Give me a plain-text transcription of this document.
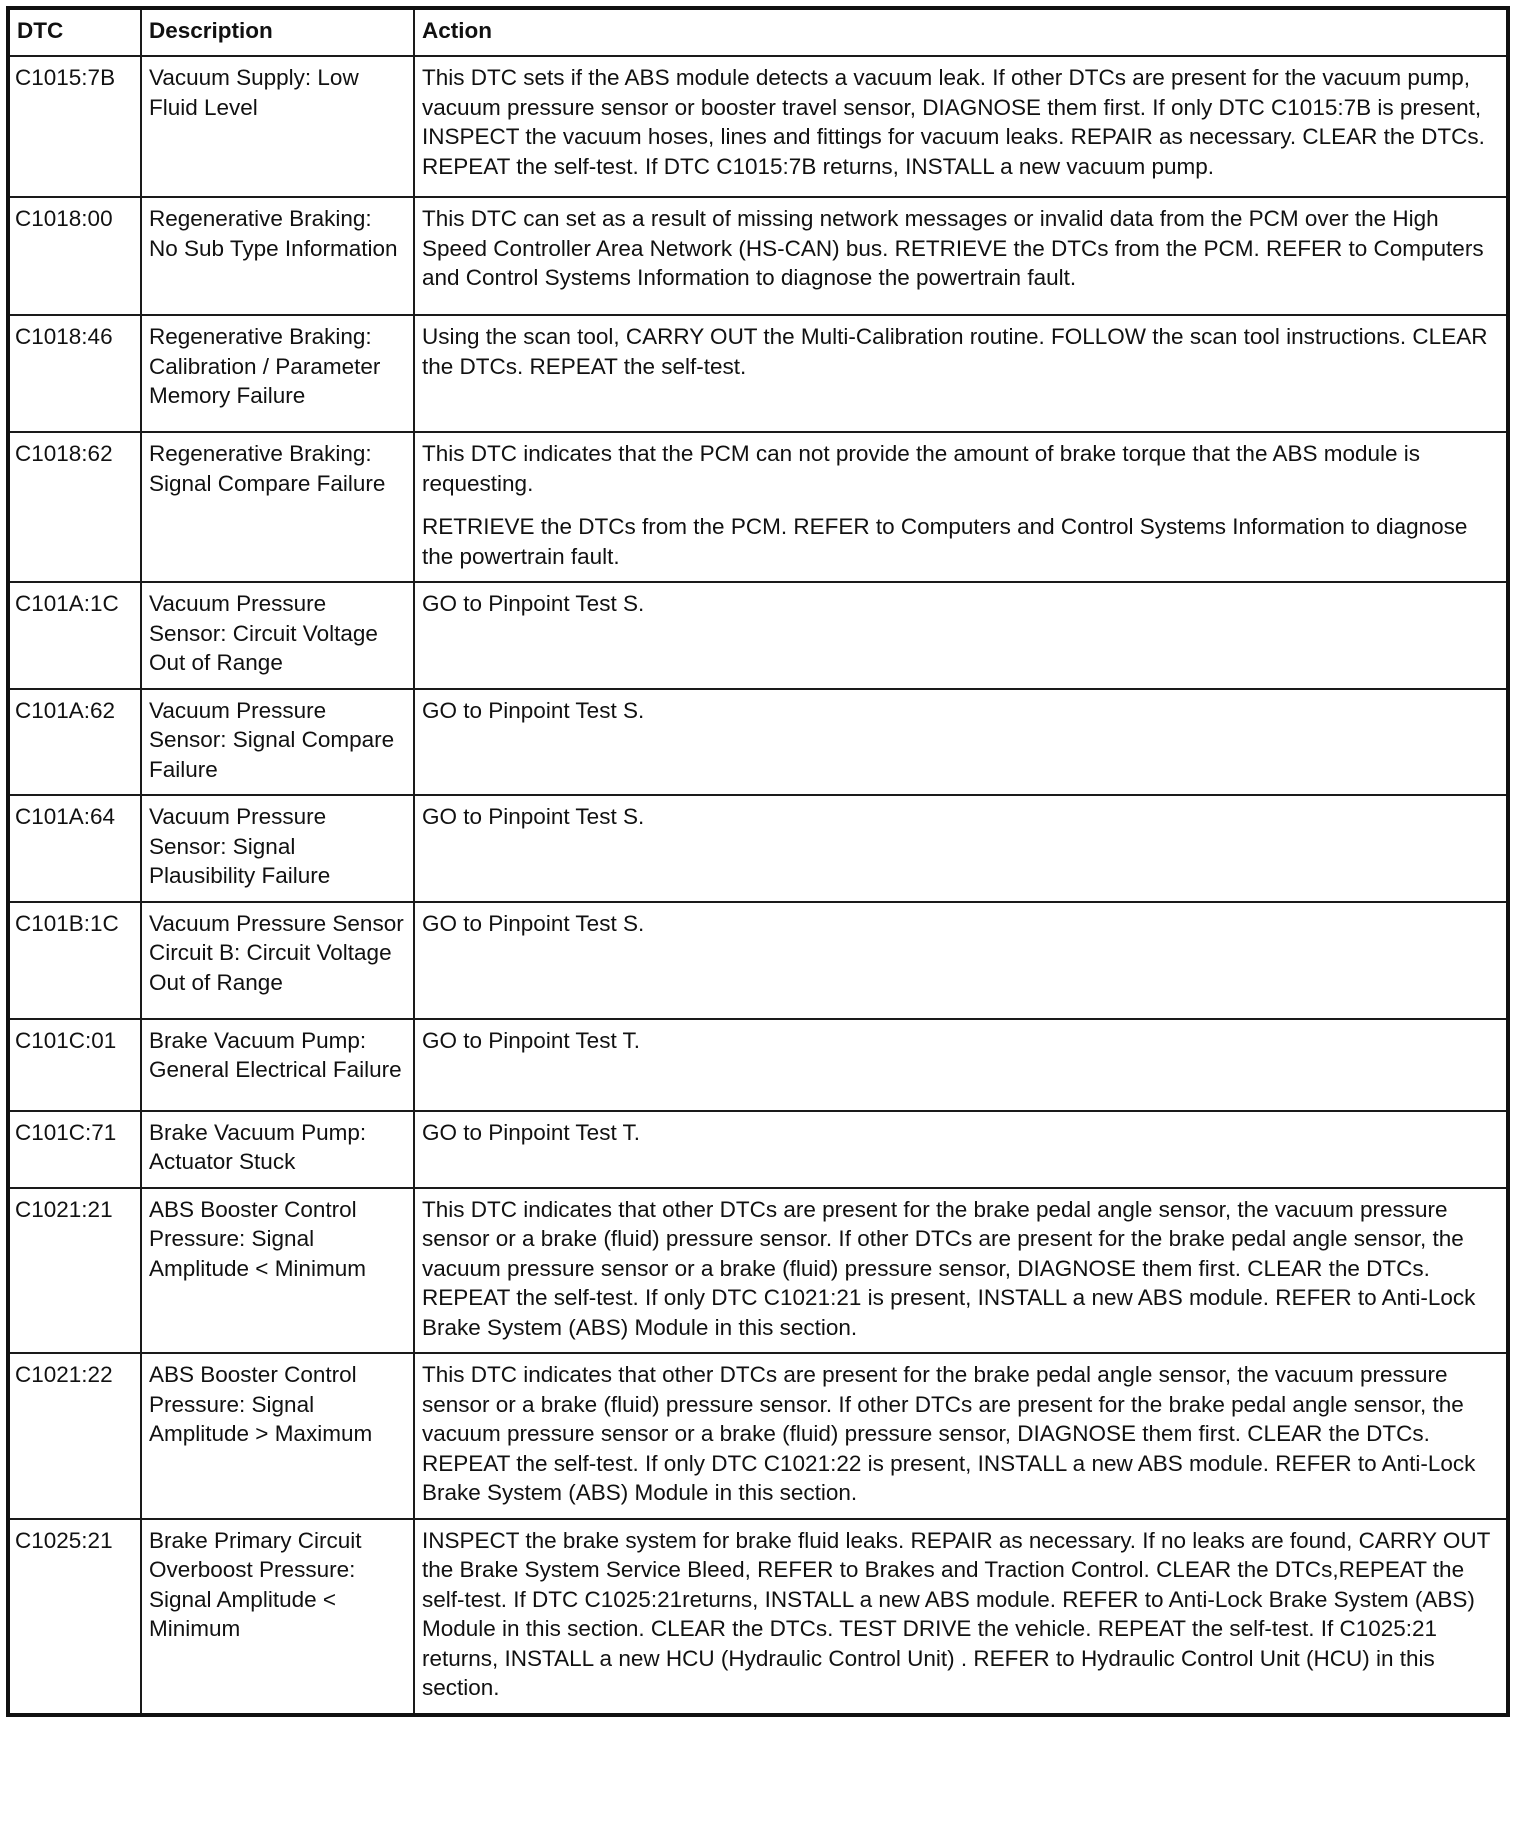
DTC	Description	Action
C1015:7B	Vacuum Supply: Low Fluid Level	This DTC sets if the ABS module detects a vacuum leak. If other DTCs are present for the vacuum pump, vacuum pressure sensor or booster travel sensor, DIAGNOSE them first. If only DTC C1015:7B is present, INSPECT the vacuum hoses, lines and fittings for vacuum leaks. REPAIR as necessary. CLEAR the DTCs. REPEAT the self-test. If DTC C1015:7B returns, INSTALL a new vacuum pump.

C1018:00	Regenerative Braking: No Sub Type Information	This DTC can set as a result of missing network messages or invalid data from the PCM over the High Speed Controller Area Network (HS-CAN) bus. RETRIEVE the DTCs from the PCM. REFER to Computers and Control Systems Information to diagnose the powertrain fault.

C1018:46	Regenerative Braking: Calibration / Parameter Memory Failure	Using the scan tool, CARRY OUT the Multi-Calibration routine. FOLLOW the scan tool instructions. CLEAR the DTCs. REPEAT the self-test.

C1018:62	Regenerative Braking: Signal Compare Failure	This DTC indicates that the PCM can not provide the amount of brake torque that the ABS module is requesting.

RETRIEVE the DTCs from the PCM. REFER to Computers and Control Systems Information to diagnose the powertrain fault.

C101A:1C	Vacuum Pressure Sensor: Circuit Voltage Out of Range	GO to Pinpoint Test S.

C101A:62	Vacuum Pressure Sensor: Signal Compare Failure	GO to Pinpoint Test S.

C101A:64	Vacuum Pressure Sensor: Signal Plausibility Failure	GO to Pinpoint Test S.

C101B:1C	Vacuum Pressure Sensor Circuit B: Circuit Voltage Out of Range	GO to Pinpoint Test S.

C101C:01	Brake Vacuum Pump: General Electrical Failure	GO to Pinpoint Test T.

C101C:71	Brake Vacuum Pump: Actuator Stuck	GO to Pinpoint Test T.

C1021:21	ABS Booster Control Pressure: Signal Amplitude < Minimum	This DTC indicates that other DTCs are present for the brake pedal angle sensor, the vacuum pressure sensor or a brake (fluid) pressure sensor. If other DTCs are present for the brake pedal angle sensor, the vacuum pressure sensor or a brake (fluid) pressure sensor, DIAGNOSE them first. CLEAR the DTCs. REPEAT the self-test. If only DTC C1021:21 is present, INSTALL a new ABS module. REFER to Anti-Lock Brake System (ABS) Module in this section.

C1021:22	ABS Booster Control Pressure: Signal Amplitude > Maximum	This DTC indicates that other DTCs are present for the brake pedal angle sensor, the vacuum pressure sensor or a brake (fluid) pressure sensor. If other DTCs are present for the brake pedal angle sensor, the vacuum pressure sensor or a brake (fluid) pressure sensor, DIAGNOSE them first. CLEAR the DTCs. REPEAT the self-test. If only DTC C1021:22 is present, INSTALL a new ABS module. REFER to Anti-Lock Brake System (ABS) Module in this section.

C1025:21	Brake Primary Circuit Overboost Pressure: Signal Amplitude < Minimum	INSPECT the brake system for brake fluid leaks. REPAIR as necessary. If no leaks are found, CARRY OUT the Brake System Service Bleed, REFER to Brakes and Traction Control. CLEAR the DTCs,REPEAT the self-test. If DTC C1025:21returns, INSTALL a new ABS module. REFER to Anti-Lock Brake System (ABS) Module in this section. CLEAR the DTCs. TEST DRIVE the vehicle. REPEAT the self-test. If C1025:21 returns, INSTALL a new HCU (Hydraulic Control Unit) . REFER to Hydraulic Control Unit (HCU) in this section.
